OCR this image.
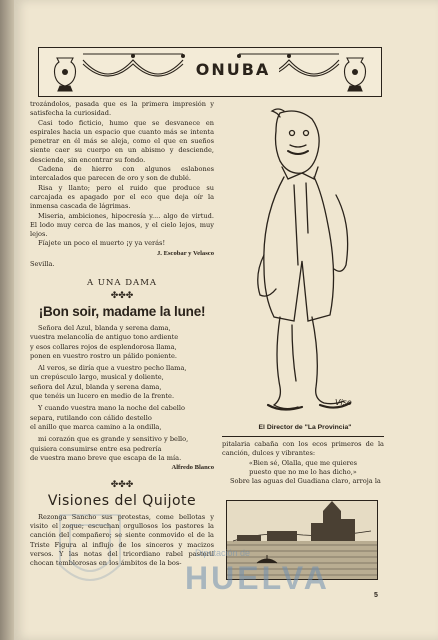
ONUBA

trozándolos, pasada que es la primera impresión y satisfecha la curiosidad.

Casi todo ficticio, humo que se desvanece en espirales hacia un espacio que cuanto más se intenta penetrar en él más se aleja, como el que en sueños siente caer su cuerpo en un abismo y desciende, desciende, sin encontrar su fondo.

Cadena de hierro con algunos eslabones intercalados que parecen de oro y son de dublé.

Risa y llanto; pero el ruido que produce su carcajada es apagado por el eco que deja oír la inmensa cascada de lágrimas.

Miseria, ambiciones, hipocresía y.... algo de virtud. El lodo muy cerca de las manos, y el cielo lejos, muy lejos.

Fíajete un poco el muerto ¡y ya verás!

J. Escobar y Velasco
Sevilla.
A UNA DAMA
✤✤✤
¡Bon soir, madame la lune!

Señora del Azul, blanda y serena dama,

vuestra melancolía de antiguo tono ardiente

y esos collares rojos de esplendorosa llama,

ponen en vuestro rostro un pálido poniente.

Al veros, se diría que a vuestro pecho llama,

un crepúsculo largo, musical y doliente,

señora del Azul, blanda y serena dama,

que tenéis un lucero en medio de la frente.

Y cuando vuestra mano la noche del cabello

separa, rutilando con cálido destello

el anillo que marca camino a la ondilla,

mi corazón que es grande y sensitivo y bello,

quisiera consumirse entre esa pedrería

de vuestra mano breve que escapa de la mía.

Alfredo Blanco
✤✤✤
Visiones del Quijote

Rezonga Sancho sus protestas, come bellotas y visito el zoque; escuchan orgullosos los pastores la canción del compañero; se siente conmovido el de la Triste Figura al influjo de los sinceros y macizos versos. Y las notas del tricordiano rabel pastoril chocan temblorosas en los ámbitos de la bos-

Viso
El Director de "La Provincia"

pitalaria cabaña con los ecos primeros de la canción, dulces y vibrantes:

«Bien sé, Olalla, que me quieres

puesto que no me lo has dicho,»

Sobre las aguas del Guadiana claro, arroja la

Diputación de
HUELVA	5
